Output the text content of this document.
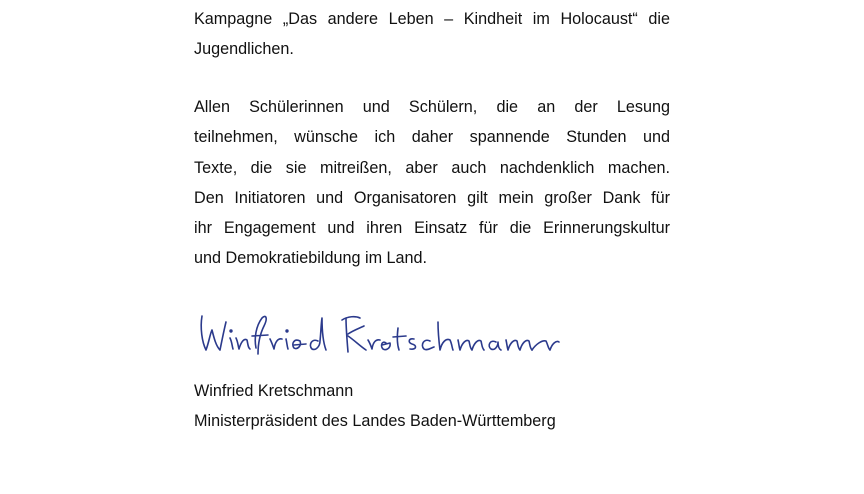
Kampagne „Das andere Leben – Kindheit im Holocaust“ die
Jugendlichen.
Allen Schülerinnen und Schülern, die an der Lesung
teilnehmen, wünsche ich daher spannende Stunden und
Texte, die sie mitreißen, aber auch nachdenklich machen.
Den Initiatoren und Organisatoren gilt mein großer Dank für
ihr Engagement und ihren Einsatz für die Erinnerungskultur
und Demokratiebildung im Land.
Winfried Kretschmann
Ministerpräsident des Landes Baden-Württemberg
